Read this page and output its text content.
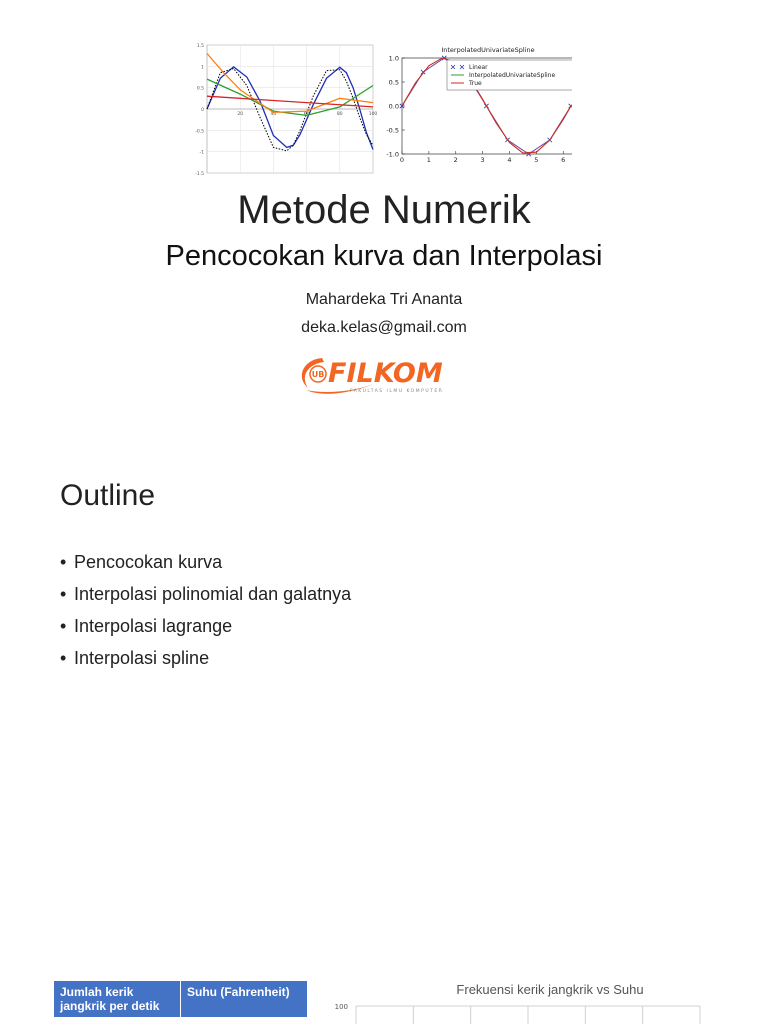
1.5
1
0.5
0
-0.5
-1
-1.5
20	40	60	80	100
InterpolatedUnivariateSpline
1.0
0.5
0.0
-0.5
-1.0
0	1	2	3	4	5	6
Linear
InterpolatedUnivariateSpline
True
Metode Numerik
Pencocokan kurva dan Interpolasi
Mahardeka Tri Ananta
deka.kelas@gmail.com
UB FILKOM
FAKULTAS ILMU KOMPUTER
Outline
• Pencocokan kurva
• Interpolasi polinomial dan galatnya
• Interpolasi lagrange
• Interpolasi spline
Jumlah kerik jangkrik per detik	Suhu (Fahrenheit)	Frekuensi kerik jangkrik vs Suhu
100
